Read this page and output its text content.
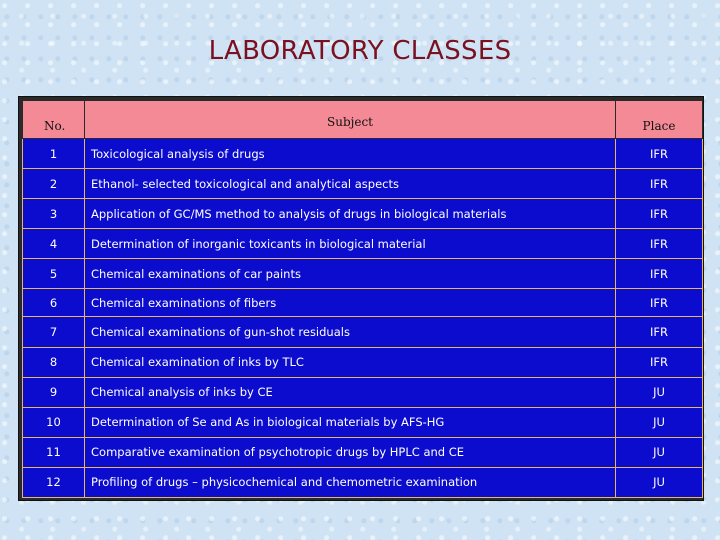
LABORATORY CLASSES
No.	Subject	Place
1	Toxicological analysis of drugs	IFR
2	Ethanol- selected toxicological and analytical aspects	IFR
3	Application of GC/MS method to analysis of drugs in biological materials	IFR
4	Determination of inorganic toxicants in biological material	IFR
5	Chemical examinations of car paints	IFR
6	Chemical examinations of fibers	IFR
7	Chemical examinations of gun-shot residuals	IFR
8	Chemical examination of inks by TLC	IFR
9	Chemical analysis of inks by CE	JU
10	Determination of Se and As in biological materials by AFS-HG	JU
11	Comparative examination of psychotropic drugs by HPLC and CE	JU
12	Profiling of drugs – physicochemical and chemometric examination	JU
